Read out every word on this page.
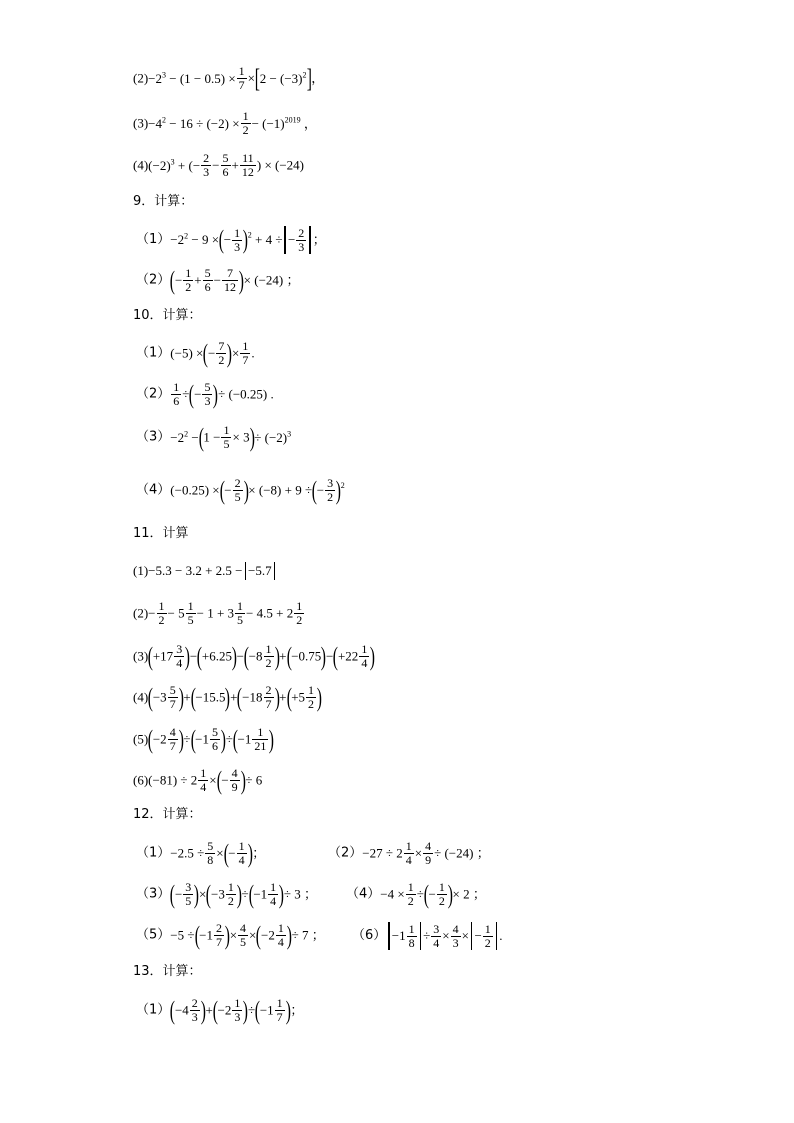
$(2)-2^3 - (1 - 0.5) \times \frac{1}{7} \times[2 - (-3)^2]$，
$(3)-4^2 - 16 \div (-2) \times \frac{1}{2} - (-1)^{2019}$ ，
$(4)(-2)^3$ + (− $\frac{2}{3} - \frac{5}{6} + \frac{11}{12}$ ) × (−24)
9．计算：
$(1)-2^2 - 9$ ×(− $\frac{1}{3} )^2 + 4$ ÷ − $\frac{2}{3}$ ；
$(2)(- \frac{1}{2} + \frac{5}{6} - \frac{7}{12}$ )× (−24) ；
10．计算：
（1）(−5) ×(− $\frac{7}{2}$ )× $\frac{1}{7}$ .
$(2) \frac{1}{6}$ ÷(− $\frac{5}{3}$ )÷ (−0.25) .
$(3)-2^2 -(1 - \frac{1}{5} \times 3)\div (-2)^3$
（4）(−0.25) ×(− $\frac{2}{5}$ )× (−8) + 9 ÷(− $\frac{3}{2} )^2$
11．计算
(1)−5.3 − 3.2 + 2.5 − −5.7
$(2)- \frac{1}{2} - 5 \frac{1}{5} - 1 + 3 \frac{1}{5} - 4.5 + 2 \frac{1}{2}$
$(3)(+17 \frac{3}{4} )-(+6.25)-(-8 \frac{1}{2} )+(-0.75)-(+22 \frac{1}{4}$ )
$(4)(-3 \frac{5}{7} )+(-15.5)+(-18 \frac{2}{7} )+(+5 \frac{1}{2}$ )
$(5)(-2 \frac{4}{7} )\div(-1 \frac{5}{6} )\div(-1 \frac{1}{21}$ )
$(6)(-81) \div 2 \frac{1}{4}$ ×(− $\frac{4}{9}$ )÷ 6
12．计算：
$(1)-2.5 \div \frac{5}{8}$ ×(− $\frac{1}{4}$ )；	$(2)-27 \div 2 \frac{1}{4} \times \frac{4}{9} \div (-24)$ ；
$(3)(- \frac{3}{5} )\times(-3 \frac{1}{2} )\div(-1 \frac{1}{4}$ )÷ 3 ； $(4)-4 \times \frac{1}{2}$ ÷(− $\frac{1}{2}$ )× 2 ；
$(5)-5 \div(-1 \frac{2}{7}$ )× $\frac{4}{5} \times(-2 \frac{1}{4}$ )÷ 7 ； $(6) -1 \frac{1}{8} \div \frac{3}{4} \times \frac{4}{3}$ × − $\frac{1}{2}$ .
13．计算：
$(1)(-4 \frac{2}{3} )+(-2 \frac{1}{3} )\div(-1 \frac{1}{7}$ )；
